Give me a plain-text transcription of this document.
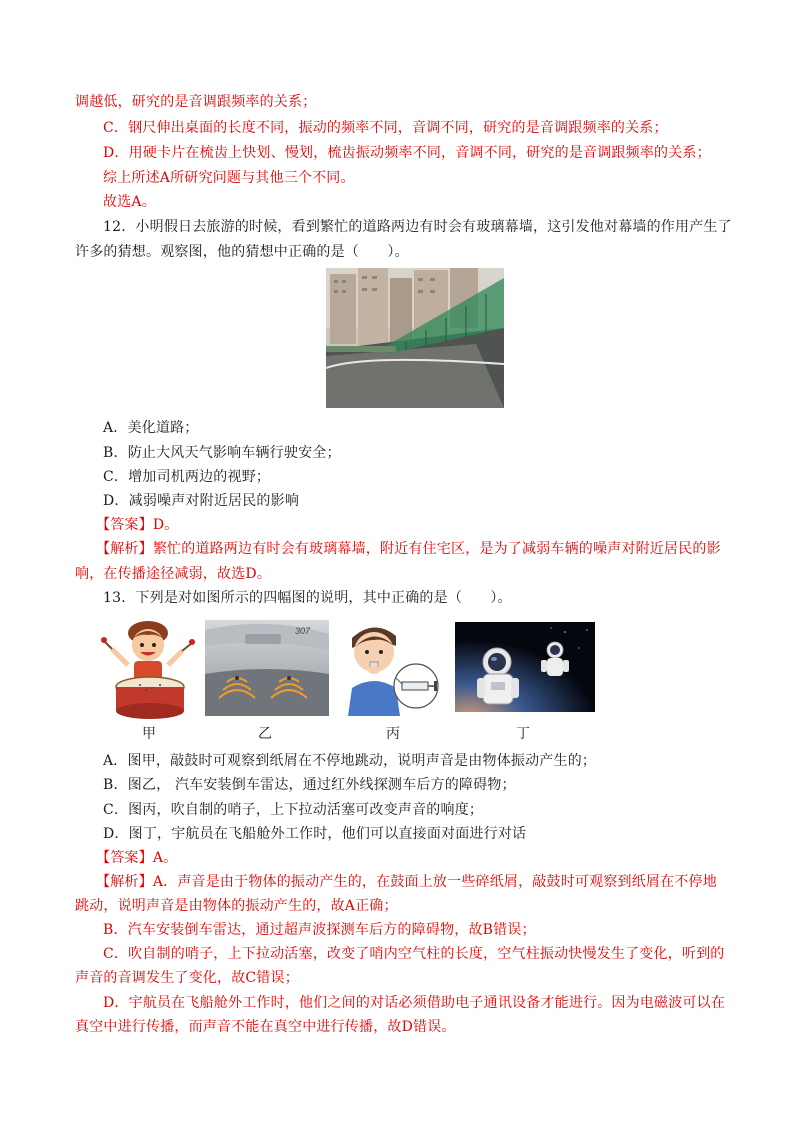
调越低，研究的是音调跟频率的关系；
C．钢尺伸出桌面的长度不同，振动的频率不同，音调不同，研究的是音调跟频率的关系；
D．用硬卡片在梳齿上快划、慢划，梳齿振动频率不同，音调不同，研究的是音调跟频率的关系；
综上所述A所研究问题与其他三个不同。
故选A。
12．小明假日去旅游的时候，看到繁忙的道路两边有时会有玻璃幕墙，这引发他对幕墙的作用产生了
许多的猜想。观察图，他的猜想中正确的是（　　）。
A．美化道路；
B．防止大风天气影响车辆行驶安全；
C．增加司机两边的视野；
D．减弱噪声对附近居民的影响
【答案】D。
【解析】繁忙的道路两边有时会有玻璃幕墙，附近有住宅区，是为了减弱车辆的噪声对附近居民的影
响，在传播途径减弱，故选D。
13．下列是对如图所示的四幅图的说明，其中正确的是（　　）。
307
甲	乙	丙	丁
A．图甲，敲鼓时可观察到纸屑在不停地跳动，说明声音是由物体振动产生的；
B．图乙， 汽车安装倒车雷达，通过红外线探测车后方的障碍物；
C．图丙，吹自制的哨子，上下拉动活塞可改变声音的响度；
D．图丁，宇航员在飞船舱外工作时，他们可以直接面对面进行对话
【答案】A。
【解析】A．声音是由于物体的振动产生的，在鼓面上放一些碎纸屑，敲鼓时可观察到纸屑在不停地
跳动，说明声音是由物体的振动产生的，故A正确；
B．汽车安装倒车雷达，通过超声波探测车后方的障碍物，故B错误；
C．吹自制的哨子，上下拉动活塞，改变了哨内空气柱的长度，空气柱振动快慢发生了变化，听到的
声音的音调发生了变化，故C错误；
D．宇航员在飞船舱外工作时，他们之间的对话必须借助电子通讯设备才能进行。因为电磁波可以在
真空中进行传播，而声音不能在真空中进行传播，故D错误。
